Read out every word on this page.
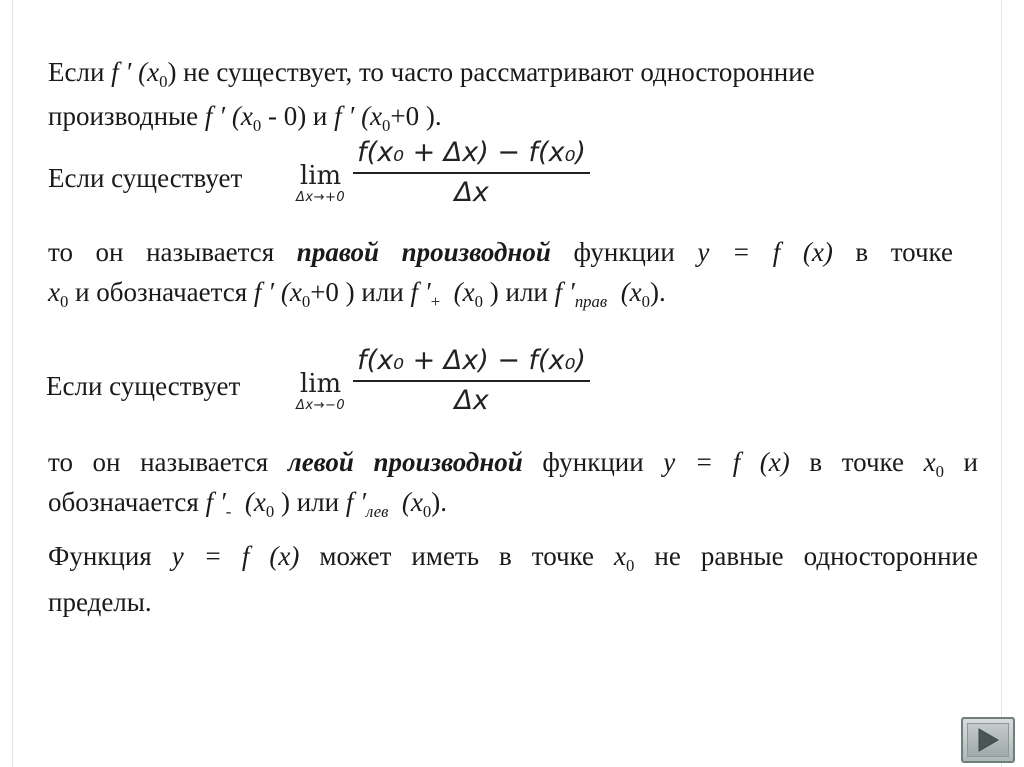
Если f ′ $(x_0)$ не существует, то часто рассматривают односторонние
производные f ′ $(x_0 - 0)$ и f ′ ($x_0+0$ ).
Если существует lim
$\Delta x\to+0 \frac{\text{f(x₀ + Δx) − f(x₀)}}{\Delta x}$
то он называется правой производной функции y = f (x) в точке
$x_0$ и обозначается f ′ ($x_0+0$ ) или f $'_+$ ($x_0$ ) или f $'_{прав}$ $(x_0)$.
Если существует lim
$\Delta x\to-0 \frac{\text{f(x₀ + Δx) − f(x₀)}}{\Delta x}$
то он называется левой производной функции y = f (x) в точке $x_0$ и
обозначается f $'_-$ ($x_0$ ) или f $'_{лев}$ $(x_0)$.
Функция y = f (x) может иметь в точке $x_0$ не равные односторонние
пределы.
